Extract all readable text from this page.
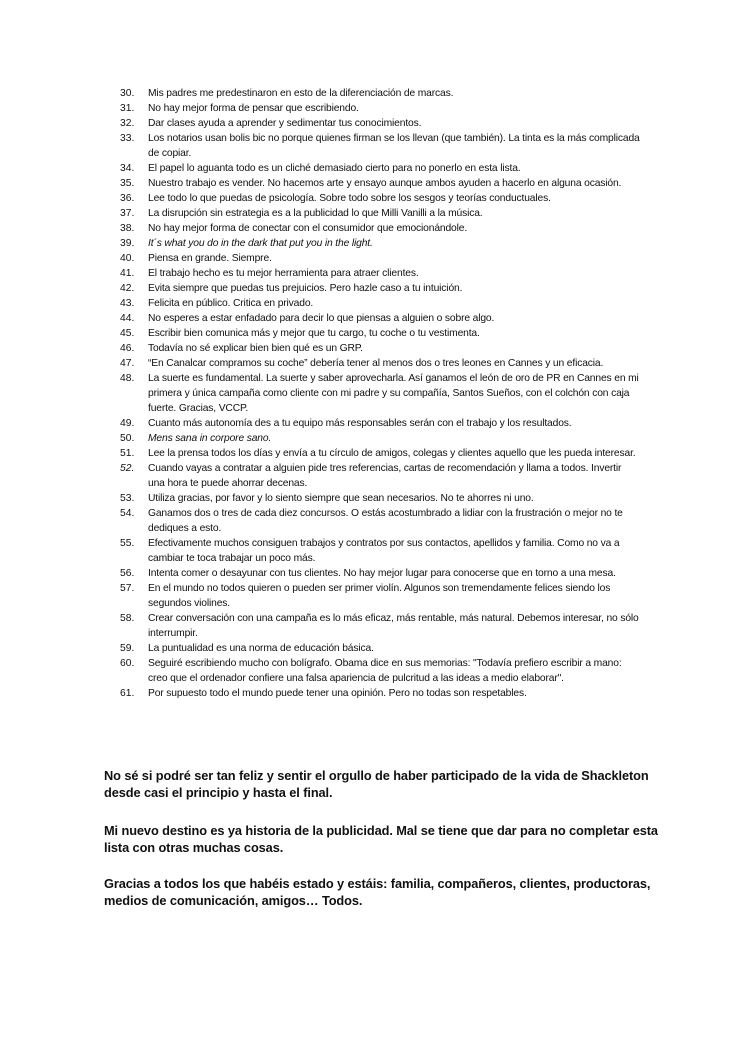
30.	Mis padres me predestinaron en esto de la diferenciación de marcas.
31.	No hay mejor forma de pensar que escribiendo.
32.	Dar clases ayuda a aprender y sedimentar tus conocimientos.
33.	Los notarios usan bolis bic no porque quienes firman se los llevan (que también). La tinta es la más complicada de copiar.
34.	El papel lo aguanta todo es un cliché demasiado cierto para no ponerlo en esta lista.
35.	Nuestro trabajo es vender. No hacemos arte y ensayo aunque ambos ayuden a hacerlo en alguna ocasión.
36.	Lee todo lo que puedas de psicología. Sobre todo sobre los sesgos y teorías conductuales.
37.	La disrupción sin estrategia es a la publicidad lo que Milli Vanilli a la música.
38.	No hay mejor forma de conectar con el consumidor que emocionándole.
39.	It´s what you do in the dark that put you in the light.
40.	Piensa en grande. Siempre.
41.	El trabajo hecho es tu mejor herramienta para atraer clientes.
42.	Evita siempre que puedas tus prejuicios. Pero hazle caso a tu intuición.
43.	Felicita en público. Critica en privado.
44.	No esperes a estar enfadado para decir lo que piensas a alguien o sobre algo.
45.	Escribir bien comunica más y mejor que tu cargo, tu coche o tu vestimenta.
46.	Todavía no sé explicar bien bien qué es un GRP.
47.	“En Canalcar compramos su coche” debería tener al menos dos o tres leones en Cannes y un eficacia.
48.	La suerte es fundamental. La suerte y saber aprovecharla. Así ganamos el león de oro de PR en Cannes en mi primera y única campaña como cliente con mi padre y su compañía, Santos Sueños, con el colchón con caja fuerte. Gracias, VCCP.
49.	Cuanto más autonomía des a tu equipo más responsables serán con el trabajo y los resultados.
50.	Mens sana in corpore sano.
51.	Lee la prensa todos los días y envía a tu círculo de amigos, colegas y clientes aquello que les pueda interesar.
52.	Cuando vayas a contratar a alguien pide tres referencias, cartas de recomendación y llama a todos. Invertir una hora te puede ahorrar decenas.
53.	Utiliza gracias, por favor y lo siento siempre que sean necesarios. No te ahorres ni uno.
54.	Ganamos dos o tres de cada diez concursos. O estás acostumbrado a lidiar con la frustración o mejor no te dediques a esto.
55.	Efectivamente muchos consiguen trabajos y contratos por sus contactos, apellidos y familia. Como no va a cambiar te toca trabajar un poco más.
56.	Intenta comer o desayunar con tus clientes. No hay mejor lugar para conocerse que en torno a una mesa.
57.	En el mundo no todos quieren o pueden ser primer violín. Algunos son tremendamente felices siendo los segundos violines.
58.	Crear conversación con una campaña es lo más eficaz, más rentable, más natural. Debemos interesar, no sólo interrumpir.
59.	La puntualidad es una norma de educación básica.
60.	Seguiré escribiendo mucho con bolígrafo. Obama dice en sus memorias: "Todavía prefiero escribir a mano: creo que el ordenador confiere una falsa apariencia de pulcritud a las ideas a medio elaborar".
61.	Por supuesto todo el mundo puede tener una opinión. Pero no todas son respetables.

No sé si podré ser tan feliz y sentir el orgullo de haber participado de la vida de Shackleton desde casi el principio y hasta el final.

Mi nuevo destino es ya historia de la publicidad. Mal se tiene que dar para no completar esta lista con otras muchas cosas.

Gracias a todos los que habéis estado y estáis: familia, compañeros, clientes, productoras, medios de comunicación, amigos… Todos.
